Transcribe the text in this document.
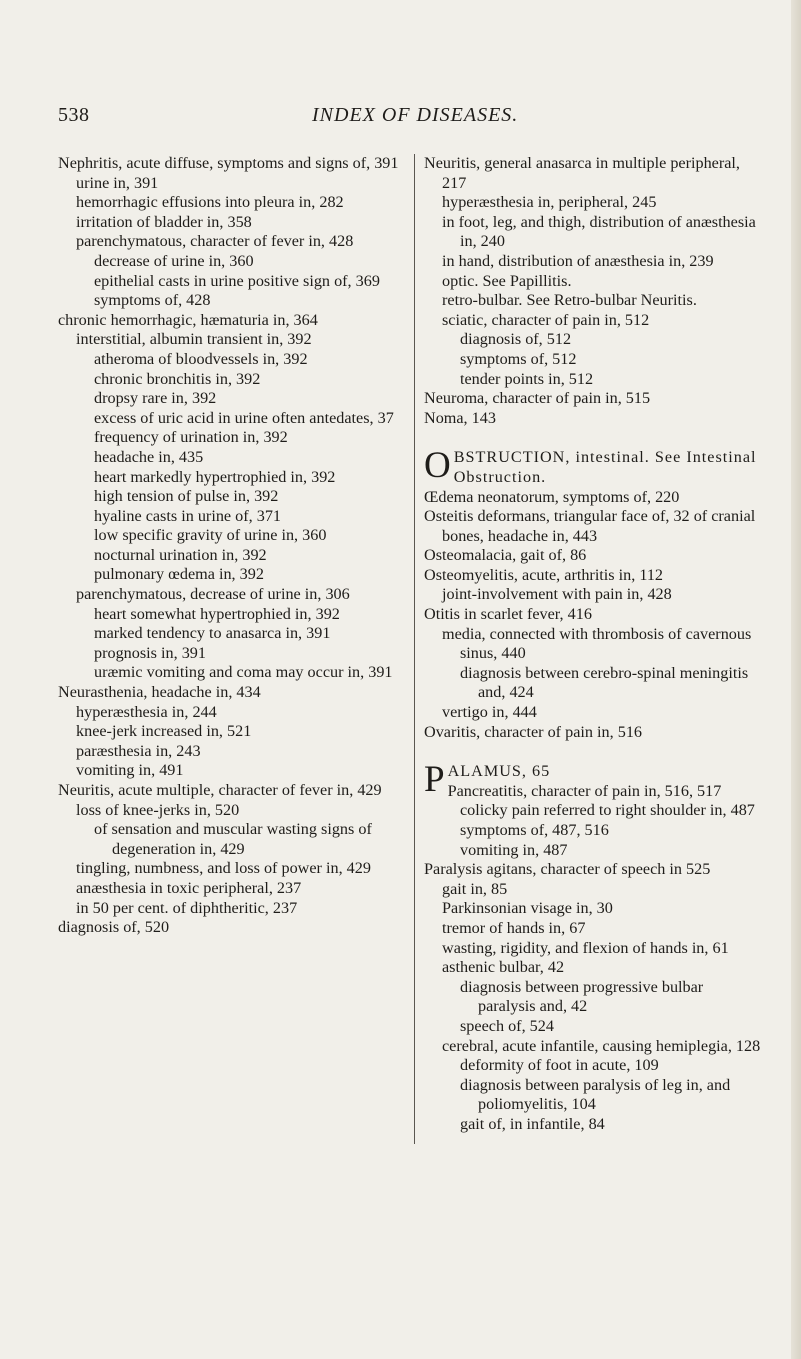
538	INDEX OF DISEASES.

Nephritis, acute diffuse, symptoms and signs of, 391

urine in, 391

hemorrhagic effusions into pleura in, 282

irritation of bladder in, 358

parenchymatous, character of fever in, 428

decrease of urine in, 360

epithelial casts in urine positive sign of, 369

symptoms of, 428

chronic hemorrhagic, hæmaturia in, 364

interstitial, albumin transient in, 392

atheroma of bloodvessels in, 392

chronic bronchitis in, 392

dropsy rare in, 392

excess of uric acid in urine often antedates, 37

frequency of urination in, 392

headache in, 435

heart markedly hypertrophied in, 392

high tension of pulse in, 392

hyaline casts in urine of, 371

low specific gravity of urine in, 360

nocturnal urination in, 392

pulmonary œdema in, 392

parenchymatous, decrease of urine in, 306

heart somewhat hypertrophied in, 392

marked tendency to anasarca in, 391

prognosis in, 391

uræmic vomiting and coma may occur in, 391

Neurasthenia, headache in, 434

hyperæsthesia in, 244

knee-jerk increased in, 521

paræsthesia in, 243

vomiting in, 491

Neuritis, acute multiple, character of fever in, 429

loss of knee-jerks in, 520

of sensation and muscular wasting signs of degeneration in, 429

tingling, numbness, and loss of power in, 429

anæsthesia in toxic peripheral, 237

in 50 per cent. of diphtheritic, 237

diagnosis of, 520

Neuritis, general anasarca in multiple peripheral, 217

hyperæsthesia in, peripheral, 245

in foot, leg, and thigh, distribution of anæsthesia in, 240

in hand, distribution of anæsthesia in, 239

optic. See Papillitis.

retro-bulbar. See Retro-bulbar Neuritis.

sciatic, character of pain in, 512

diagnosis of, 512

symptoms of, 512

tender points in, 512

Neuroma, character of pain in, 515

Noma, 143

OBSTRUCTION, intestinal. See Intestinal Obstruction.

Œdema neonatorum, symptoms of, 220

Osteitis deformans, triangular face of, 32 of cranial bones, headache in, 443

Osteomalacia, gait of, 86

Osteomyelitis, acute, arthritis in, 112

joint-involvement with pain in, 428

Otitis in scarlet fever, 416

media, connected with thrombosis of cavernous sinus, 440

diagnosis between cerebro-spinal meningitis and, 424

vertigo in, 444

Ovaritis, character of pain in, 516

PALAMUS, 65

Pancreatitis, character of pain in, 516, 517

colicky pain referred to right shoulder in, 487

symptoms of, 487, 516

vomiting in, 487

Paralysis agitans, character of speech in 525

gait in, 85

Parkinsonian visage in, 30

tremor of hands in, 67

wasting, rigidity, and flexion of hands in, 61

asthenic bulbar, 42

diagnosis between progressive bulbar paralysis and, 42

speech of, 524

cerebral, acute infantile, causing hemiplegia, 128

deformity of foot in acute, 109

diagnosis between paralysis of leg in, and poliomyelitis, 104

gait of, in infantile, 84
